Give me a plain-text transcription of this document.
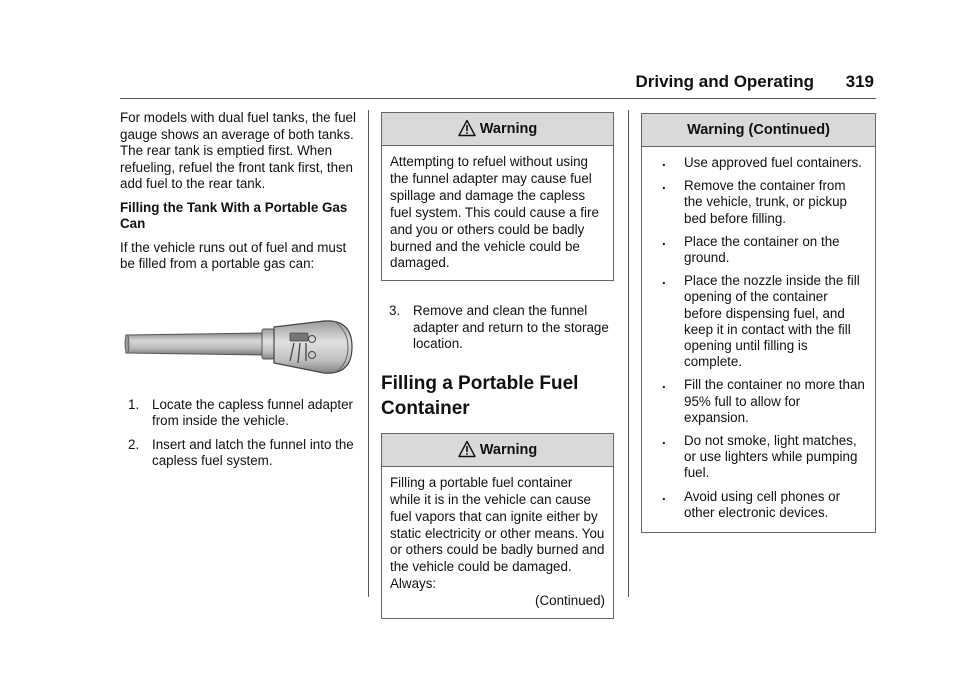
Driving and Operating 319

For models with dual fuel tanks, the fuel gauge shows an average of both tanks. The rear tank is emptied first. When refueling, refuel the front tank first, then add fuel to the rear tank.

Filling the Tank With a Portable Gas Can

If the vehicle runs out of fuel and must be filled from a portable gas can:

1. Locate the capless funnel adapter from inside the vehicle.
2. Insert and latch the funnel into the capless fuel system.
Warning

Attempting to refuel without using the funnel adapter may cause fuel spillage and damage the capless fuel system. This could cause a fire and you or others could be badly burned and the vehicle could be damaged.

3. Remove and clean the funnel adapter and return to the storage location.
Filling a Portable Fuel Container
Warning

Filling a portable fuel container while it is in the vehicle can cause fuel vapors that can ignite either by static electricity or other means. You or others could be badly burned and the vehicle could be damaged. Always:

(Continued)

Warning (Continued)
. Use approved fuel containers.
. Remove the container from the vehicle, trunk, or pickup bed before filling.
. Place the container on the ground.
. Place the nozzle inside the fill opening of the container before dispensing fuel, and keep it in contact with the fill opening until filling is complete.
. Fill the container no more than 95% full to allow for expansion.
. Do not smoke, light matches, or use lighters while pumping fuel.
. Avoid using cell phones or other electronic devices.
